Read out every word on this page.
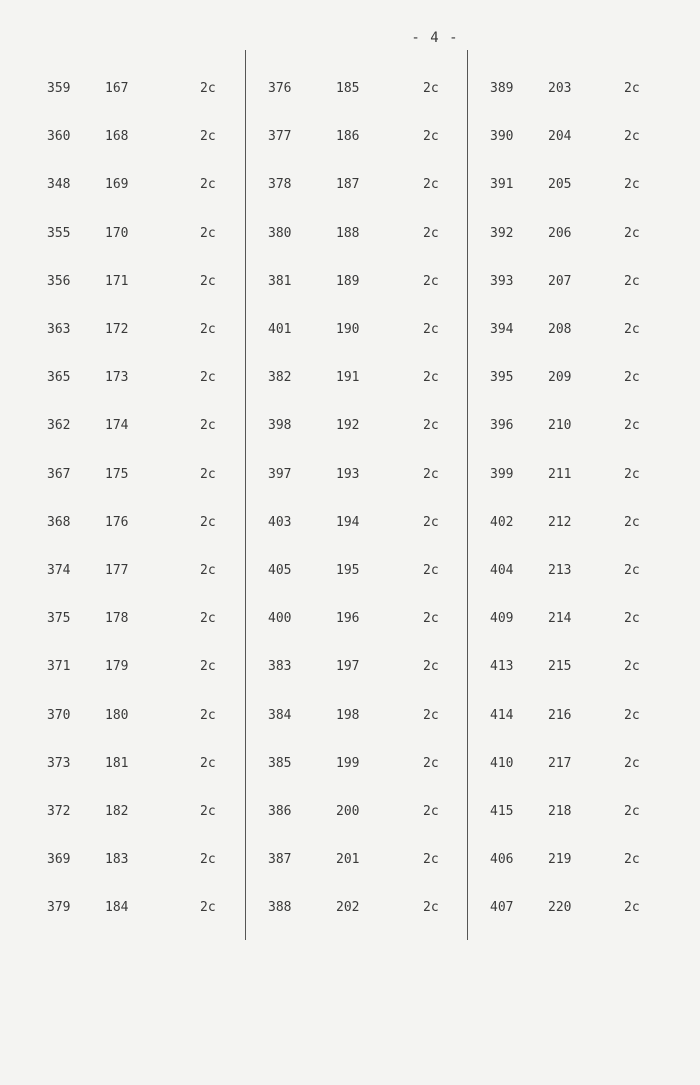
- 4 -
359	167	2c	376	185	2c	389	203	2c
360	168	2c	377	186	2c	390	204	2c
348	169	2c	378	187	2c	391	205	2c
355	170	2c	380	188	2c	392	206	2c
356	171	2c	381	189	2c	393	207	2c
363	172	2c	401	190	2c	394	208	2c
365	173	2c	382	191	2c	395	209	2c
362	174	2c	398	192	2c	396	210	2c
367	175	2c	397	193	2c	399	211	2c
368	176	2c	403	194	2c	402	212	2c
374	177	2c	405	195	2c	404	213	2c
375	178	2c	400	196	2c	409	214	2c
371	179	2c	383	197	2c	413	215	2c
370	180	2c	384	198	2c	414	216	2c
373	181	2c	385	199	2c	410	217	2c
372	182	2c	386	200	2c	415	218	2c
369	183	2c	387	201	2c	406	219	2c
379	184	2c	388	202	2c	407	220	2c
